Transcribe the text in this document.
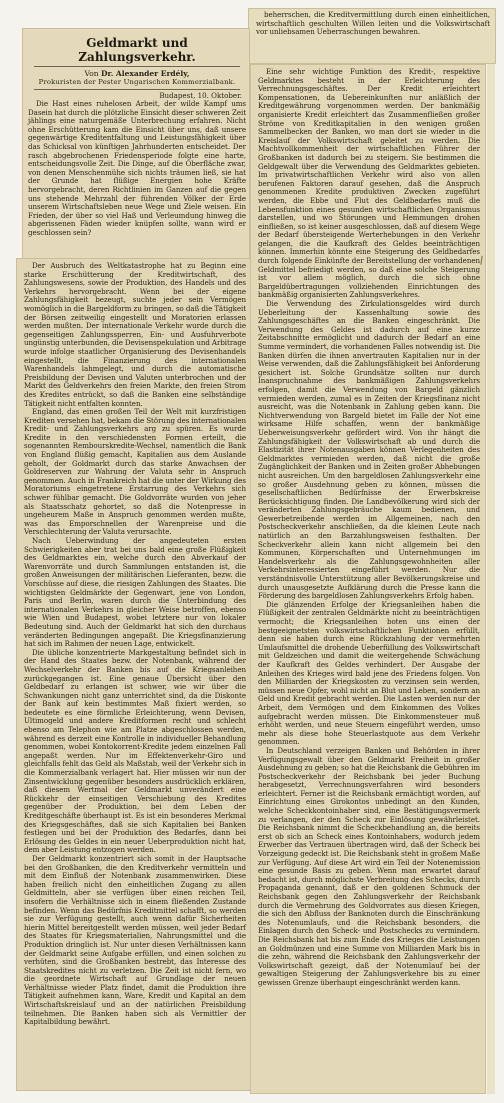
beherrschen, die Kreditvermittlung durch einen einheitlichen, wirtschaftlich geschulten Willen leiten und die Volkswirtschaft vor unliebsamen Ueberraschungen bewahren.

Geldmarkt und Zahlungsverkehr.

Von Dr. Alexander Erdély,

Prokuristen der Pester Ungarischen Kommerzialbank.

Budapest, 10. Oktober.

Die Hast eines ruhelosen Arbeit, der wilde Kampf ums Dasein hat durch die plötzliche Einsicht dieser schweren Zeit jählings eine naturgemäße Unterbrechung erfahren. Nicht ohne Erschütterung kam die Einsicht über uns, daß unsere gegenwärtige Kreditentfaltung und Leistungsfähigkeit über das Schicksal von künftigen Jahrhunderten entscheidet. Der rasch abgebrochenen Friedensperiode folgte eine harte, entscheidungsvolle Zeit. Die Dinge, auf die Oberfläche zwar, von denen Menschenmühe sich nichts träumen ließ, sie hat der Grunde hat flüßige Energien hohe Kräfte hervorgebracht, deren Richtlinien im Ganzen auf die gegen uns stehende Mehrzahl der führenden Völker der Erde unserem Wirtschaftsleben neue Wege und Ziele weisen. Ein Frieden, der über so viel Haß und Verleumdung hinweg die abgerissenen Fäden wieder knüpfen sollte, wann wird er geschlossen sein?

Der Ausbruch des Weltkatastrophe hat zu Beginn eine starke Erschütterung der Kreditwirtschaft, des Zahlungswesens, sowie der Produktion, des Handels und des Verkehrs hervorgebracht. Wenn bei der eigene Zahlungsfähigkeit bezeugt, suchte jeder sein Vermögen womöglich in die Bargeldform zu bringen, so daß die Tätigkeit der Börsen zeitweilig eingestellt und Moratorien erlassen werden mußten. Der internationale Verkehr wurde durch die gegenseitigen Zahlungssperren, Ein- und Ausfuhrverbote ungünstig unterbunden, die Devisenspekulation und Arbitrage wurde infolge staatlicher Organisierung des Devisenhandels eingestellt, die Finanzierung des internationalen Warenhandels lahmgelegt, und durch die automatische Preisbildung der Devisen und Valuten unterbrochen und der Markt des Geldverkehrs den freien Markte, den freien Strom des Kredites entrückt, so daß die Banken eine selbständige Tätigkeit nicht entfalten konnten.

England, das einen großen Teil der Welt mit kurzfristigen Krediten versehen hat, bekam die Störung des internationalen Kredit- und Zahlungsverkehrs arg zu spüren. Es wurde Kredite in den verschiedensten Formen erteilt, die sogenannten Rembourskredite-Wechsel, namentlich die Bank von England flüßig gemacht, Kapitalien aus dem Auslande geholt, der Goldmarkt durch das starke Anwachsen der Goldreserven zur Wahrung der Valuta sehr in Anspruch genommen. Auch in Frankreich hat die unter der Wirkung des Moratoriums eingetretene Erstarrung des Verkehrs sich schwer fühlbar gemacht. Die Goldvorräte wurden von jeher als Staatsschatz gehortet, so daß die Notenpresse in ungeheurem Maße in Anspruch genommen werden mußte, was das Emporschnellen der Warenpreise und die Verschlechterung der Valuta verursachte.

Nach Ueberwindung der angedeuteten ersten Schwierigkeiten aber trat bei uns bald eine große Flüßigkeit des Geldmarktes ein, welche durch den Abverkauf der Warenvorräte und durch Sammlungen entstanden ist, die großen Anweisungen der militärischen Lieferanten, bezw. die Vorschüsse auf diese, die riesigen Zahlungen des Staates. Die wichtigsten Geldmärkte der Gegenwart, jene von London, Paris und Berlin, waren durch die Unterbindung des internationalen Verkehrs in gleicher Weise betroffen, ebenso wie Wien und Budapest, wobei letztere nur von lokaler Bedeutung sind. Auch der Geldmarkt hat sich den durchaus veränderten Bedingungen angepaßt. Die Kriegsfinanzierung hat sich im Rahmen der neuen Lage, entwickelt.

Die übliche konzentrierte Markgestaltung befindet sich in der Hand des Staates bezw. der Notenbank, während der Wechselverkehr der Banken bis auf die Kriegsanleihen zurückgegangen ist. Eine genaue Übersicht über den Geldbedarf zu erlangen ist schwer, wie wir über die Schwankungen nicht ganz unterrichtet sind, da die Diskonte der Bank auf kein bestimmtes Maß fixiert werden, so bedeutete es eine förmliche Erleichterung, wenn Devisen, Ultimogeld und andere Kreditformen recht und schlecht ebenso am Telephon wie am Platze abgeschlossen werden, während es derzeit eine Kontrolle in individueller Behandlung genommen, wobei Kontokorrent-Kredite jedem einzelnen Fall angepaßt werden. Nur im Effektenverkehr-Giro und gleichfalls fehlt das Geld als Maßstab, weil der Verkehr sich in die Kommerzialbank verlagert hat. Hier müssen wir nun der Zinsentwicklung gegenüber besonders ausdrücklich erklären, daß diesem Wertmal der Geldmarkt unverändert eine Rückkehr der einseitigen Verschiebung des Kredites gegenüber der Produktion, bei dem Leben der Kreditgeschäfte überhaupt ist. Es ist ein besonderes Merkmal des Kriegsgeschäftes, daß sie sich Kapitalien bei Banken festlegen und bei der Produktion des Bedarfes, dann bei Erlösung des Geldes in ein neuer Ueberproduktion nicht hat, dem aber Leistung entzogen werden.

Der Geldmarkt konzentriert sich somit in der Hauptsache bei den Großbanken, die den Kreditverkehr vermitteln und mit dem Einfluß der Notenbank zusammenwirken. Diese haben freilich nicht den einheitlichen Zugang zu allen Geldmitteln, aber sie verfügen über einen reichen Teil, insofern die Verhältnisse sich in einem fließenden Zustande befinden. Wenn das Bedürfnis Kreditmittel schafft, so werden sie zur Verfügung gestellt, auch wenn dafür Sicherheiten hierin Mittel bereitgestellt werden müssen, weil jeder Bedarf des Staates für Kriegsmaterialien, Nahrungsmittel und die Produktion dringlich ist. Nur unter diesen Verhältnissen kann der Geldmarkt seine Aufgabe erfüllen, und einen solchen zu verhüten, sind die Großbanken bestrebt, das Interesse des Staatskredites nicht zu verletzen. Die Zeit ist nicht fern, wo die geordnete Wirtschaft auf Grundlage der neuen Verhältnisse wieder Platz findet, damit die Produktion ihre Tätigkeit aufnehmen kann, Ware, Kredit und Kapital an dem Wirtschaftskreislauf und an der natürlichen Preisbildung teilnehmen. Die Banken haben sich als Vermittler der Kapitalbildung bewährt.

Eine sehr wichtige Funktion des Kredit-, respektive Geldmarktes besteht in der Erleichterung des Verrechnungsgeschäftes. Der Kredit erleichtert Kompensationen, da Uebereinkunften nur anläßlich der Kreditgewährung vorgenommen werden. Der bankmäßig organisierte Kredit erleichtert das Zusammenfließen großer Ströme von Kreditkapitalien in den wenigen großen Sammelbecken der Banken, wo man dort sie wieder in die Kreislauf der Volkswirtschaft geleitet zu werden. Die Machtvollkommenheit der wirtschaftlichen Führer der Großbanken ist dadurch bei zu steigern. Sie bestimmen die Geldgewalt über die Verwendung des Geldmarktes gebieten. Im privatwirtschaftlichen Verkehr wird also von allen berufenen Faktoren darauf gesehen, daß die Anspruch genommenen Kredite produktiven Zwecken zugeführt werden, die Ebbe und Flut des Geldbedarfes muß die Lebensfunktion eines gesunden wirtschaftlichen Organismus darstellen, und wo Störungen und Hemmungen drohen einfließen, so ist keiner ausgeschlossen, daß auf diesem Wege der Bedarf übersteigende Werterhebungen in den Verkehr gelangen, die die Kaufkraft des Geldes beeinträchtigen können. Immerhin könnte eine Steigerung des Geldbedarfes durch folgende Einkünfte der Bereitstellung der vorhandenen Geldmittel befriedigt werden, so daß eine solche Steigerung ist vor allem möglich, durch die sich ohne Bargeldübertragungen vollziehenden Einrichtungen des bankmäßig organisierten Zahlungsverkehres.

Die Verwendung des Zirkulationsgeldes wird durch Ueberleitung der Kassenhaltung sowie des Zahlungsgeschäftes an die Banken eingeschränkt. Die Verwendung des Geldes ist dadurch auf eine kurze Zeitabschnitte ermöglicht und dadurch der Bedarf an eine Summe vermindert, die vorhandenen Falles notwendig ist. Die Banken dürfen die ihnen anvertrauten Kapitalien nur in der Weise verwenden, daß die Zahlungsfähigkeit bei Anforderung gesichert ist. Solche Grundsätze sollten nur durch Inanspruchnahme des bankmäßigen Zahlungsverkehrs erfolgen, damit die Verwendung von Bargeld gänzlich vermieden werden, zumal es in Zeiten der Kriegsfinanz nicht ausreicht, was die Notenbank in Zahlung geben kann. Die Nichtverwendung von Bargeld bietet im Falle der Not eine wirksame Hilfe schaffen, wenn der bankmäßige Ueberweisungsverkehr gefördert wird. Von ihr hängt die Zahlungsfähigkeit der Volkswirtschaft ab und durch die Elastizität ihrer Notenausgaben können Verlegenheiten des Geldmarktes vermieden werden, daß nicht die große Zugänglichkeit der Banken und in Zeiten großer Abhebungen nicht ausreichen. Um den bargeldlosen Zahlungsverkehr eine so großer Ausdehnung geben zu können, müssen die gesellschaftlichen Bedürfnisse der Erwerbskreise Berücksichtigung finden. Die Landbevölkerung wird sich der veränderten Zahlungsgebräuche kaum bedienen, und Gewerbetreibende werden im Allgemeinen, nach den Postscheckverkehr anschließen, da die kleinen Leute nach natürlich an den Barzahlungsweisen festhalten. Der Scheckverkehr allein kann nicht allgemein bei den Kommunen, Körperschaften und Unternehmungen im Handelsverkehr als die Zahlungsgewohnheiten aller Verkehrsinteressierten eingeführt werden. Nur die verständnisvolle Unterstützung aller Bevölkerungskreise und durch unausgesetzte Aufklärung durch die Presse kann die Förderung des bargeldlosen Zahlungsverkehrs Erfolg haben.

Die glänzenden Erfolge der Kriegsanleihen haben die Flüßigkeit der zentralen Geldmärkte nicht zu beeinträchtigen vermocht; die Kriegsanleihen boten uns einen der bestgeeignetsten volkswirtschaftlichen Funktionen erfüllt, denn sie haben durch eine Rückzahlung der vermehrten Umlaufsmittel die drohende Ueberfüllung des Volkswirtschaft mit Geldzeichen und damit die weitergehende Schwächung der Kaufkraft des Geldes verhindert. Der Ausgabe der Anleihen des Krieges wird bald jene des Friedens folgen. Von den Milliarden der Kriegskosten zu verzinsen sein werden, müssen neue Opfer, wohl nicht an Blut und Leben, sondern an Geld und Kredit gebracht werden. Die Lasten werden nur der Arbeit, dem Vermögen und dem Einkommen des Volkes aufgebracht werden müssen. Die Einkommensteuer muß erhöht werden, und neue Steuern eingeführt werden, umso mehr als diese hohe Steuerlastquote aus dem Verkehr genommen.

In Deutschland verzeigen Banken und Behörden in ihrer Verfügungsgewalt über den Geldmarkt Freiheit in großer Ausdehnung zu geben; so hat die Reichsbank die Gebühren im Postscheckverkehr der Reichsbank bei jeder Buchung herabgesetzt, Verrechnungsverfahren wird besonders erleichtert. Ferner ist die Reichsbank ermächtigt worden, auf Einrichtung eines Girokontos unbedingt an den Kunden, welche Scheckkontoinhaber sind, eine Bestätigungsvermerk zu verlangen, der den Scheck zur Einlösung gewährleistet. Die Reichsbank nimmt die Scheckbehandlung an, die bereits erst ob sich an Scheck eines Kontoinhabers, wodurch jedem Erwerber das Vertrauen übertragen wird, daß der Scheck bei Vorzeigung gedeckt ist. Die Reichsbank steht in großem Maße zur Verfügung. Auf diese Art wird ein Teil der Notenemission eine gesunde Basis zu geben. Wenn man erwartet darauf bedacht ist, durch möglichste Verbreitung des Schecks, durch Propaganda genannt, daß er den goldenen Schmuck der Reichsbank gegen den Zahlungsverkehr der Reichsbank durch die Vermehrung des Goldvorrates aus diesen Kriegen, die sich den Abfluss der Banknoten durch die Einschränkung des Notenumlaufs, und die Reichsbank besonders, die Einlagen durch den Scheck- und Postschecks zu vermindern. Die Reichsbank hat bis zum Ende des Krieges die Leistungen an Goldmünzen und eine Summe von Milliarden Mark bis in die zehn, während die Reichsbank den Zahlungsverkehr der Volkswirtschaft gezeigt, daß der Notenumlauf bei der gewaltigen Steigerung der Zahlungsverkehre bis zu einer gewissen Grenze überhaupt eingeschränkt werden kann.
